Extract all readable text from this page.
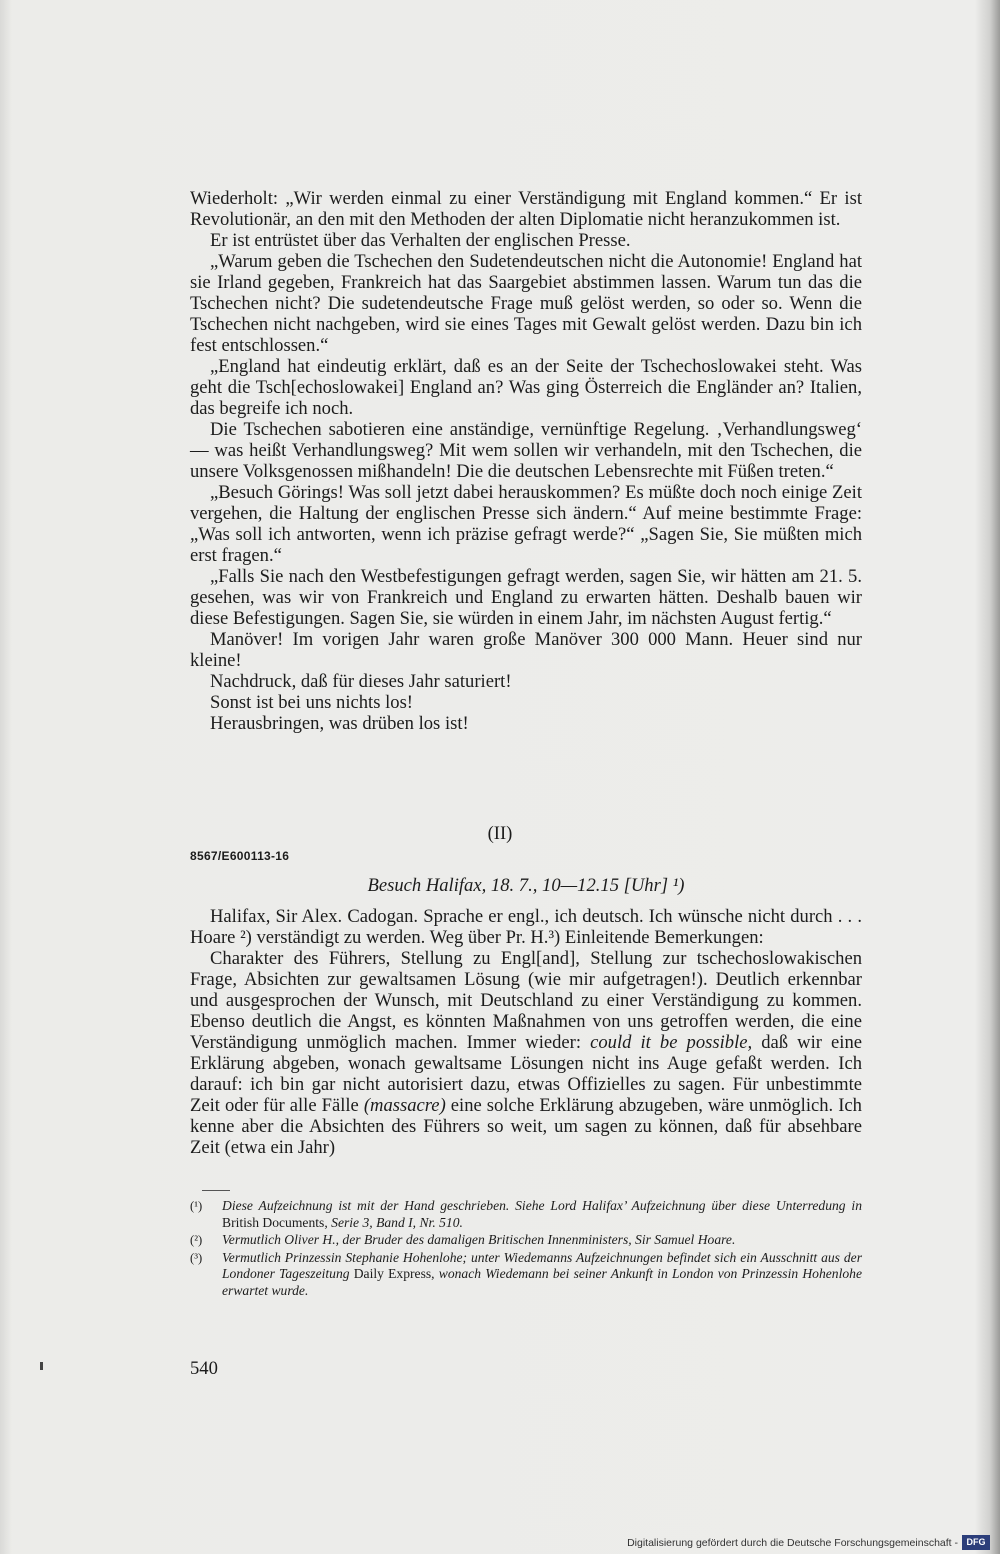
Wiederholt: „Wir werden einmal zu einer Verständigung mit England kommen.“ Er ist Revolutionär, an den mit den Methoden der alten Diplomatie nicht heranzukommen ist.

Er ist entrüstet über das Verhalten der englischen Presse.

„Warum geben die Tschechen den Sudetendeutschen nicht die Autonomie! England hat sie Irland gegeben, Frankreich hat das Saargebiet abstimmen lassen. Warum tun das die Tschechen nicht? Die sudetendeutsche Frage muß gelöst werden, so oder so. Wenn die Tschechen nicht nachgeben, wird sie eines Tages mit Gewalt gelöst werden. Dazu bin ich fest entschlossen.“

„England hat eindeutig erklärt, daß es an der Seite der Tschechoslowakei steht. Was geht die Tsch[echoslowakei] England an? Was ging Österreich die Engländer an? Italien, das begreife ich noch.

Die Tschechen sabotieren eine anständige, vernünftige Regelung. ‚Verhandlungsweg‘ — was heißt Verhandlungsweg? Mit wem sollen wir verhandeln, mit den Tschechen, die unsere Volksgenossen mißhandeln! Die die deutschen Lebensrechte mit Füßen treten.“

„Besuch Görings! Was soll jetzt dabei herauskommen? Es müßte doch noch einige Zeit vergehen, die Haltung der englischen Presse sich ändern.“ Auf meine bestimmte Frage: „Was soll ich antworten, wenn ich präzise gefragt werde?“ „Sagen Sie, Sie müßten mich erst fragen.“

„Falls Sie nach den Westbefestigungen gefragt werden, sagen Sie, wir hätten am 21. 5. gesehen, was wir von Frankreich und England zu erwarten hätten. Deshalb bauen wir diese Befestigungen. Sagen Sie, sie würden in einem Jahr, im nächsten August fertig.“

Manöver! Im vorigen Jahr waren große Manöver 300 000 Mann. Heuer sind nur kleine!

Nachdruck, daß für dieses Jahr saturiert!

Sonst ist bei uns nichts los!

Herausbringen, was drüben los ist!

(II)
8567/E600113-16
Besuch Halifax, 18. 7., 10—12.15 [Uhr] ¹)

Halifax, Sir Alex. Cadogan. Sprache er engl., ich deutsch. Ich wünsche nicht durch . . . Hoare ²) verständigt zu werden. Weg über Pr. H.³) Einleitende Bemerkungen:

Charakter des Führers, Stellung zu Engl[and], Stellung zur tschechoslowakischen Frage, Absichten zur gewaltsamen Lösung (wie mir aufgetragen!). Deutlich erkennbar und ausgesprochen der Wunsch, mit Deutschland zu einer Verständigung zu kommen. Ebenso deutlich die Angst, es könnten Maßnahmen von uns getroffen werden, die eine Verständigung unmöglich machen. Immer wieder: could it be possible, daß wir eine Erklärung abgeben, wonach gewaltsame Lösungen nicht ins Auge gefaßt werden. Ich darauf: ich bin gar nicht autorisiert dazu, etwas Offizielles zu sagen. Für unbestimmte Zeit oder für alle Fälle (massacre) eine solche Erklärung abzugeben, wäre unmöglich. Ich kenne aber die Absichten des Führers so weit, um sagen zu können, daß für absehbare Zeit (etwa ein Jahr)

(¹)	Diese Aufzeichnung ist mit der Hand geschrieben. Siehe Lord Halifax’ Aufzeichnung über diese Unterredung in British Documents, Serie 3, Band I, Nr. 510.
(²)	Vermutlich Oliver H., der Bruder des damaligen Britischen Innenministers, Sir Samuel Hoare.
(³)	Vermutlich Prinzessin Stephanie Hohenlohe; unter Wiedemanns Aufzeichnungen befindet sich ein Ausschnitt aus der Londoner Tageszeitung Daily Express, wonach Wiedemann bei seiner Ankunft in London von Prinzessin Hohenlohe erwartet wurde.
540
Digitalisierung gefördert durch die Deutsche Forschungsgemeinschaft - DFG
